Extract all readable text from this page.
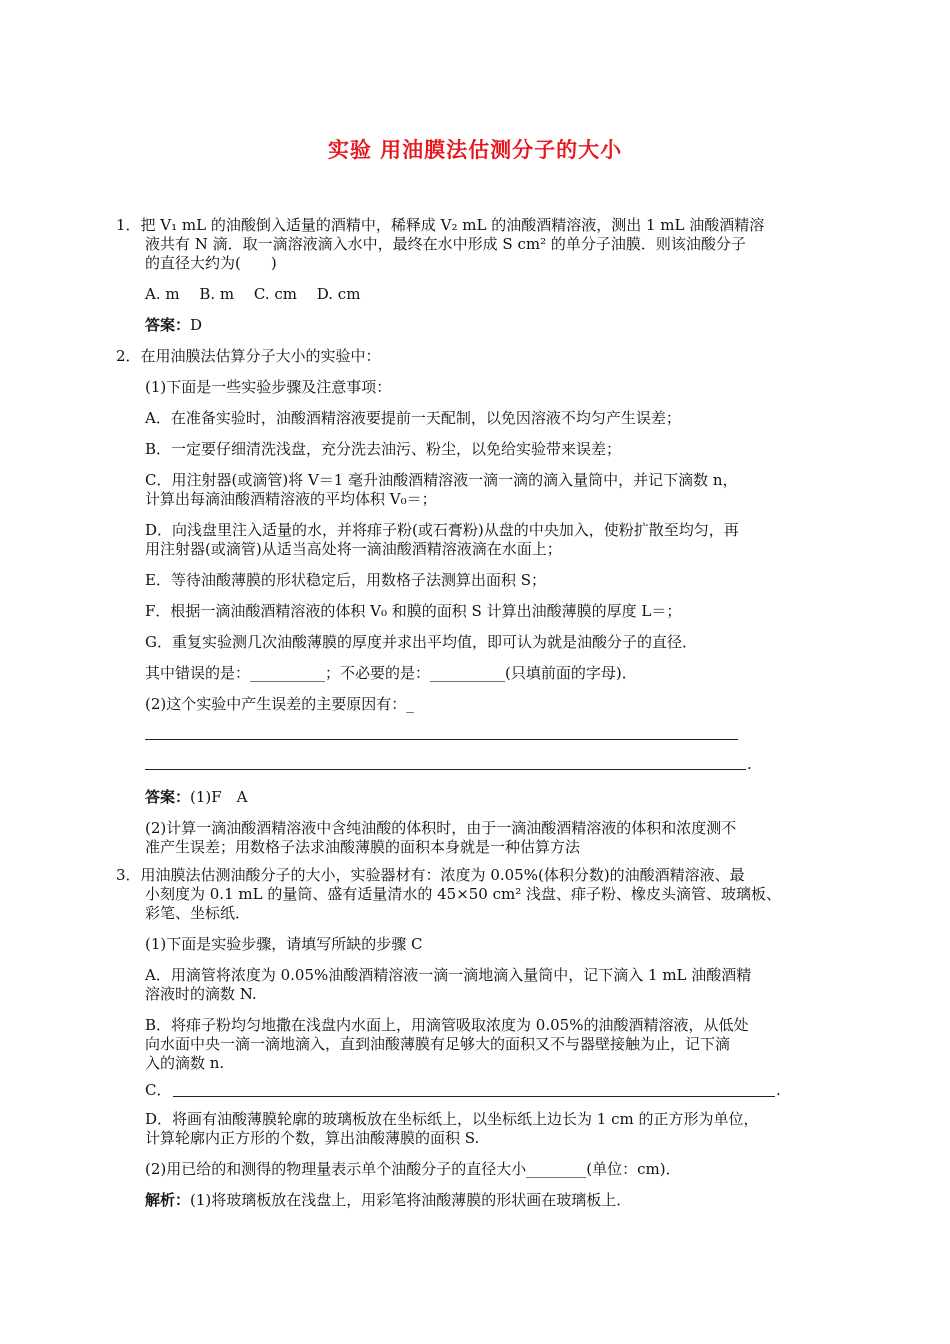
实验 用油膜法估测分子的大小
1．把 V₁ mL 的油酸倒入适量的酒精中，稀释成 V₂ mL 的油酸酒精溶液，测出 1 mL 油酸酒精溶
液共有 N 滴．取一滴溶液滴入水中，最终在水中形成 S cm² 的单分子油膜．则该油酸分子
的直径大约为(　　)
A. m　 B. m　 C. cm　 D. cm
答案：D
2．在用油膜法估算分子大小的实验中：
(1)下面是一些实验步骤及注意事项：
A．在准备实验时，油酸酒精溶液要提前一天配制，以免因溶液不均匀产生误差；
B．一定要仔细清洗浅盘，充分洗去油污、粉尘，以免给实验带来误差；
C．用注射器(或滴管)将 V＝1 毫升油酸酒精溶液一滴一滴的滴入量筒中，并记下滴数 n，
计算出每滴油酸酒精溶液的平均体积 V₀＝；
D．向浅盘里注入适量的水，并将痱子粉(或石膏粉)从盘的中央加入，使粉扩散至均匀，再
用注射器(或滴管)从适当高处将一滴油酸酒精溶液滴在水面上；
E．等待油酸薄膜的形状稳定后，用数格子法测算出面积 S；
F．根据一滴油酸酒精溶液的体积 V₀ 和膜的面积 S 计算出油酸薄膜的厚度 L＝；
G．重复实验测几次油酸薄膜的厚度并求出平均值，即可认为就是油酸分子的直径．
其中错误的是：__________；不必要的是：__________(只填前面的字母)．
(2)这个实验中产生误差的主要原因有：_
.
答案：(1)F　A
(2)计算一滴油酸酒精溶液中含纯油酸的体积时，由于一滴油酸酒精溶液的体积和浓度测不
准产生误差；用数格子法求油酸薄膜的面积本身就是一种估算方法
3．用油膜法估测油酸分子的大小，实验器材有：浓度为 0.05%(体积分数)的油酸酒精溶液、最
小刻度为 0.1 mL 的量筒、盛有适量清水的 45×50 cm² 浅盘、痱子粉、橡皮头滴管、玻璃板、
彩笔、坐标纸．
(1)下面是实验步骤，请填写所缺的步骤 C
A．用滴管将浓度为 0.05%油酸酒精溶液一滴一滴地滴入量筒中，记下滴入 1 mL 油酸酒精
溶液时的滴数 N.
B．将痱子粉均匀地撒在浅盘内水面上，用滴管吸取浓度为 0.05%的油酸酒精溶液，从低处
向水面中央一滴一滴地滴入，直到油酸薄膜有足够大的面积又不与器壁接触为止，记下滴
入的滴数 n.
C．	.
D．将画有油酸薄膜轮廓的玻璃板放在坐标纸上，以坐标纸上边长为 1 cm 的正方形为单位，
计算轮廓内正方形的个数，算出油酸薄膜的面积 S.
(2)用已给的和测得的物理量表示单个油酸分子的直径大小________(单位：cm)．
解析：(1)将玻璃板放在浅盘上，用彩笔将油酸薄膜的形状画在玻璃板上．
